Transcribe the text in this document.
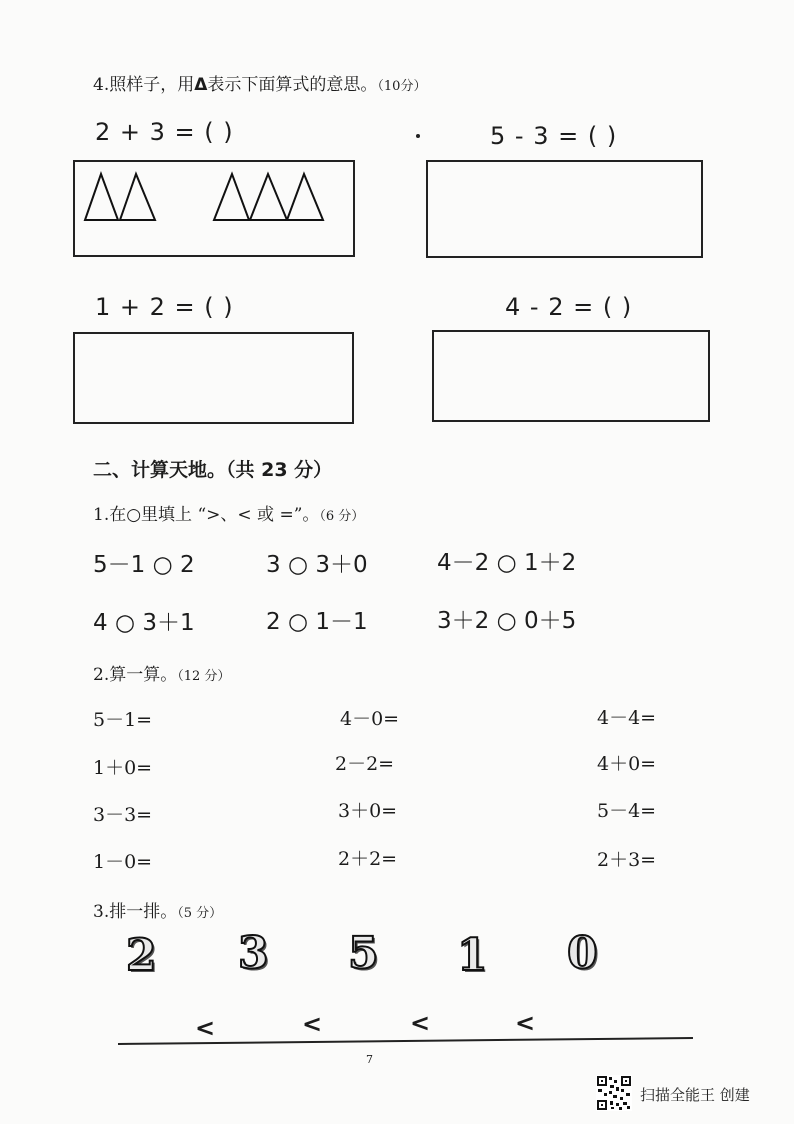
4.照样子，用Δ表示下面算式的意思。（10分）
2 + 3 = ( )	5 - 3 = ( )
1 + 2 = ( )	4 - 2 = ( )
二、计算天地。（共 23 分）
1.在○里填上 “>、< 或 =”。（6 分）
5－1 ○ 2	3 ○ 3＋0	4－2 ○ 1＋2
4 ○ 3＋1	2 ○ 1－1	3＋2 ○ 0＋5
2.算一算。（12 分）
5－1=	4－0=	4－4=
1＋0=	2－2=	4＋0=
3－3=	3＋0=	5－4=
1－0=	2＋2=	2＋3=
3.排一排。（5 分）
2 3 5 1 0
<	<	<	<
7
扫描全能王 创建
